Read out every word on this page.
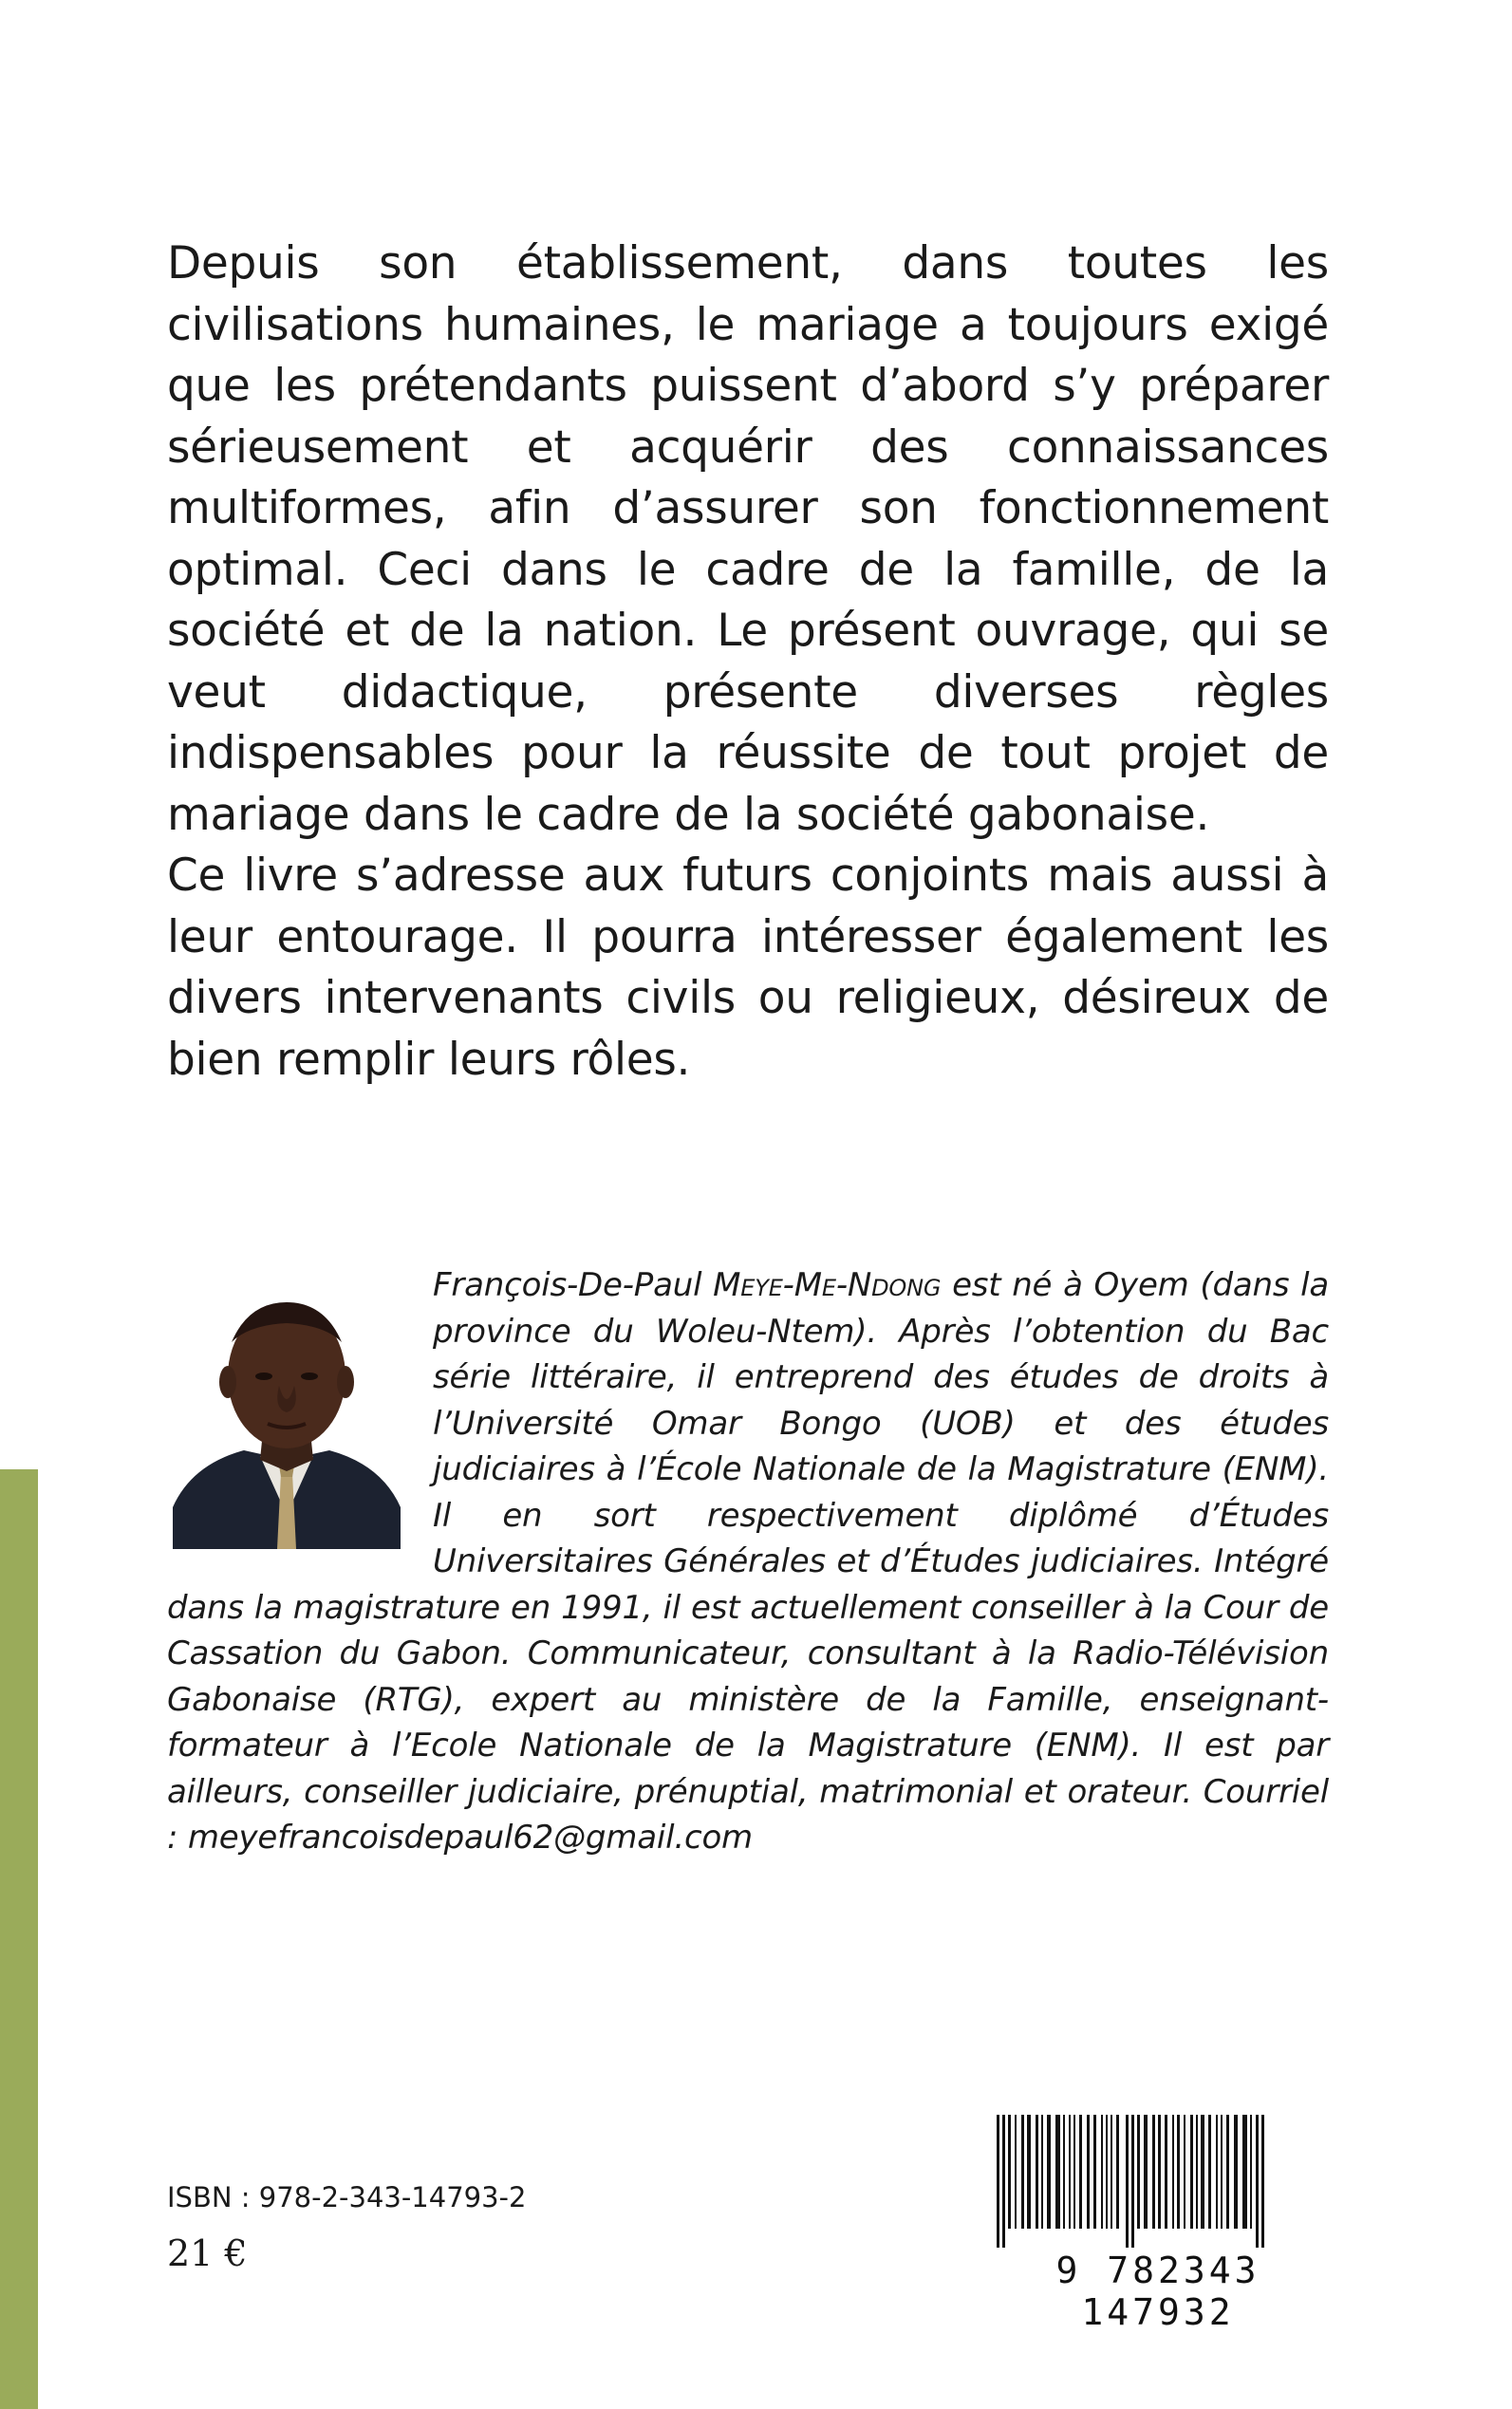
Depuis son établissement, dans toutes les civilisations humaines, le mariage a toujours exigé que les prétendants puissent d’abord s’y préparer sérieusement et acquérir des connaissances multiformes, afin d’assurer son fonctionnement optimal. Ceci dans le cadre de la famille, de la société et de la nation. Le présent ouvrage, qui se veut didactique, présente diverses règles indispensables pour la réussite de tout projet de mariage dans le cadre de la société gabonaise.

Ce livre s’adresse aux futurs conjoints mais aussi à leur entourage. Il pourra intéresser également les divers intervenants civils ou religieux, désireux de bien remplir leurs rôles.

François-De-Paul Meye-Me-Ndong est né à Oyem (dans la province du Woleu-Ntem). Après l’obtention du Bac série littéraire, il entreprend des études de droits à l’Université Omar Bongo (UOB) et des études judiciaires à l’École Nationale de la Magistrature (ENM). Il en sort respectivement diplômé d’Études Universitaires Générales et d’Études judiciaires. Intégré dans la magistrature en 1991, il est actuellement conseiller à la Cour de Cassation du Gabon. Communicateur, consultant à la Radio-Télévision Gabonaise (RTG), expert au ministère de la Famille, enseignant-formateur à l’Ecole Nationale de la Magistrature (ENM). Il est par ailleurs, conseiller judiciaire, prénuptial, matrimonial et orateur. Courriel : meyefrancoisdepaul62@gmail.com
ISBN : 978-2-343-14793-2
21 €	9 782343 147932
